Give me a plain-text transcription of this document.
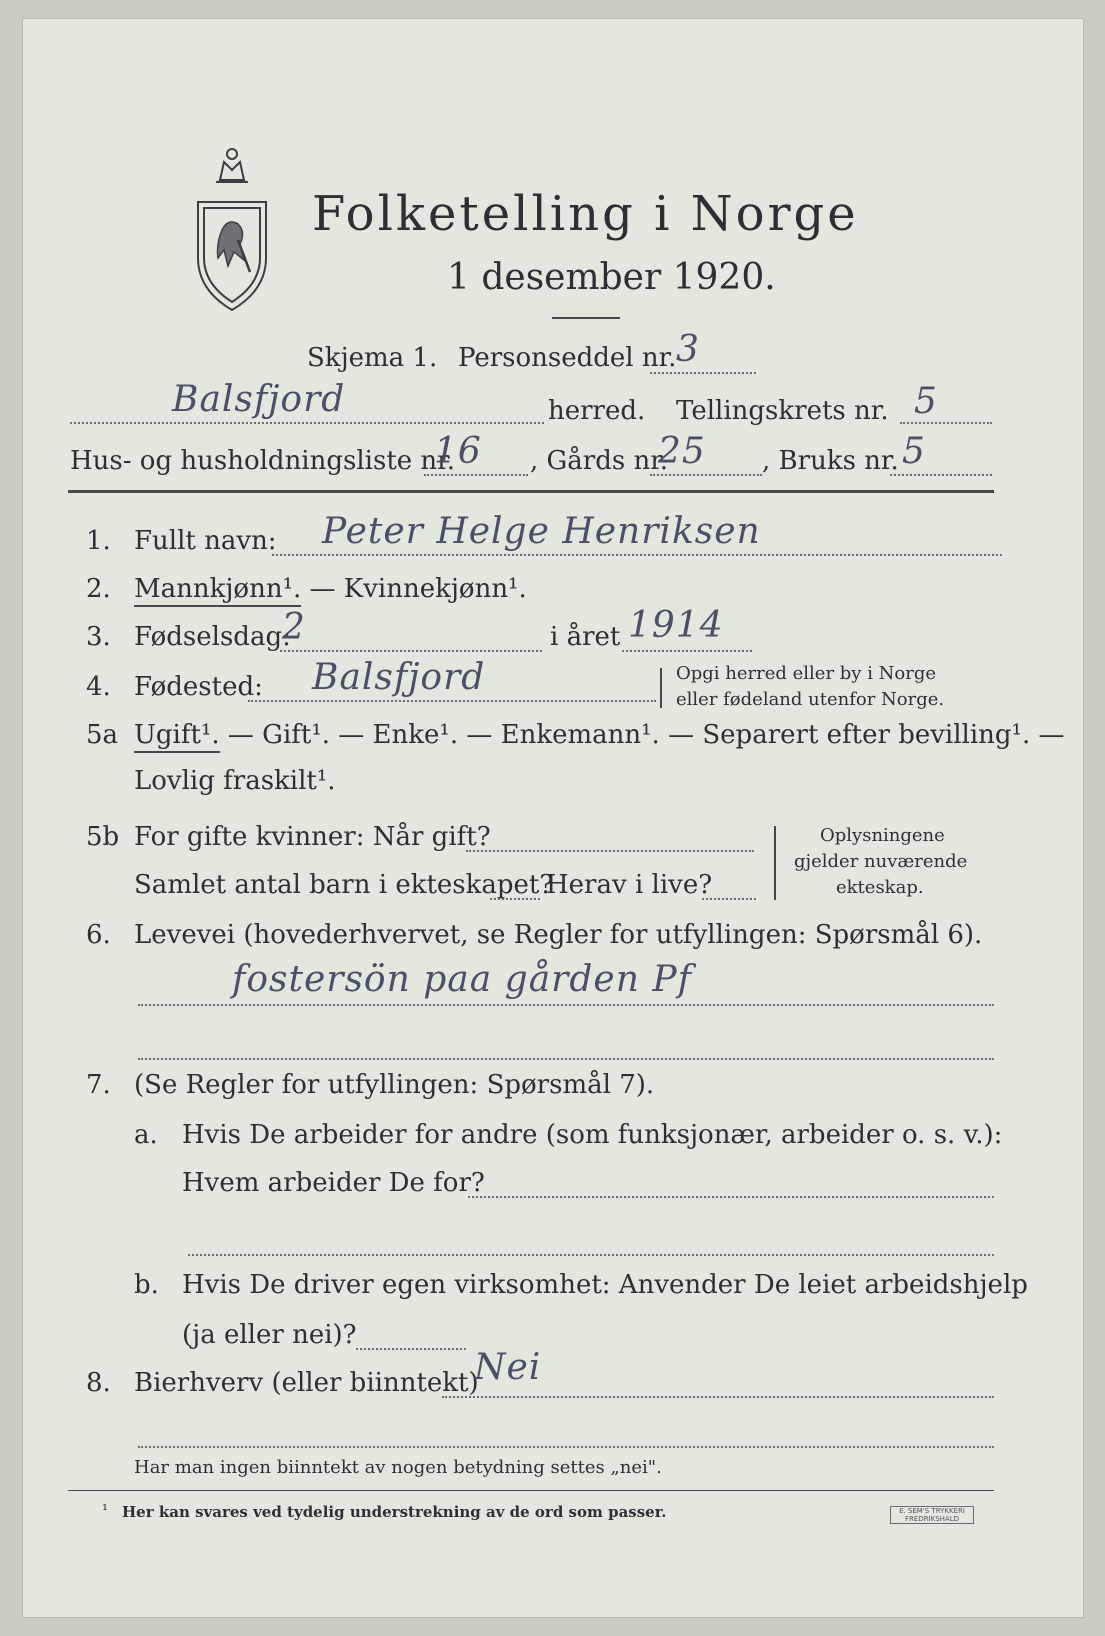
Folketelling i Norge
1 desember 1920.
Skjema 1. Personseddel nr. 3
Balsfjord	herred. Tellingskrets nr. 5
Hus- og husholdningsliste nr.
16 , Gårds nr.
25 , Bruks nr. 5
1. Fullt navn: Peter Helge Henriksen
2. Mannkjønn¹. — Kvinnekjønn¹.
3. Fødselsdag:
2	i året 1914
4. Fødested: Balsfjord	Opgi herred eller by i Norge
eller fødeland utenfor Norge.
5a Ugift¹. — Gift¹. — Enke¹. — Enkemann¹. — Separert efter bevilling¹. —
Lovlig fraskilt¹.
5b For gifte kvinner: Når gift?
Samlet antal barn i ekteskapet?
Herav i live?
Oplysningene
gjelder nuværende
ekteskap.
6. Levevei (hovederhvervet, se Regler for utfyllingen: Spørsmål 6).
fostersön paa gården Pf
7. (Se Regler for utfyllingen: Spørsmål 7).
a. Hvis De arbeider for andre (som funksjonær, arbeider o. s. v.):
Hvem arbeider De for?
b. Hvis De driver egen virksomhet: Anvender De leiet arbeidshjelp
(ja eller nei)?
8. Bierhverv (eller biinntekt)
Nei
Har man ingen biinntekt av nogen betydning settes „nei".
¹ Her kan svares ved tydelig understrekning av de ord som passer.	E. SEM'S TRYKKERI FREDRIKSHALD
